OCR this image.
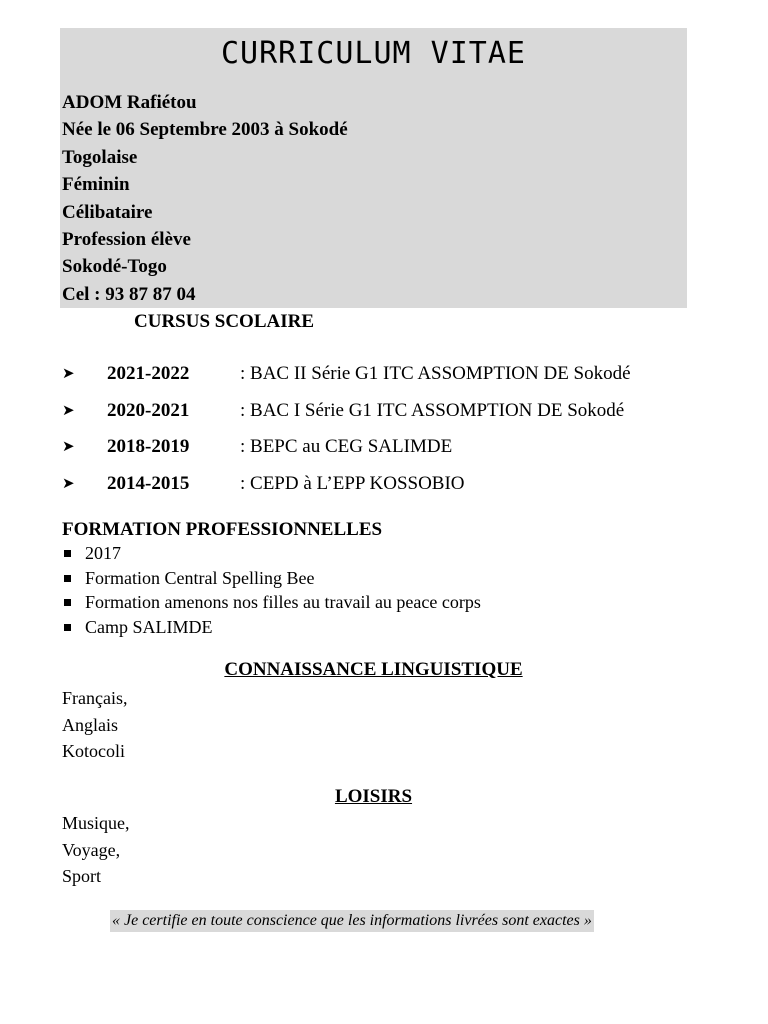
CURRICULUM VITAE
ADOM Rafiétou
Née le 06 Septembre 2003 à Sokodé
Togolaise
Féminin
Célibataire
Profession élève
Sokodé-Togo
Cel : 93 87 87 04
CURSUS SCOLAIRE
➤ 2021-2022	: BAC II Série G1 ITC ASSOMPTION DE Sokodé
➤ 2020-2021	: BAC I Série G1 ITC ASSOMPTION DE Sokodé
➤ 2018-2019	: BEPC au CEG SALIMDE
➤ 2014-2015	: CEPD à L’EPP KOSSOBIO
FORMATION PROFESSIONNELLES
2017
Formation Central Spelling Bee
Formation amenons nos filles au travail au peace corps
Camp SALIMDE
CONNAISSANCE LINGUISTIQUE
Français,
Anglais
Kotocoli
LOISIRS
Musique,
Voyage,
Sport

« Je certifie en toute conscience que les informations livrées sont exactes »
